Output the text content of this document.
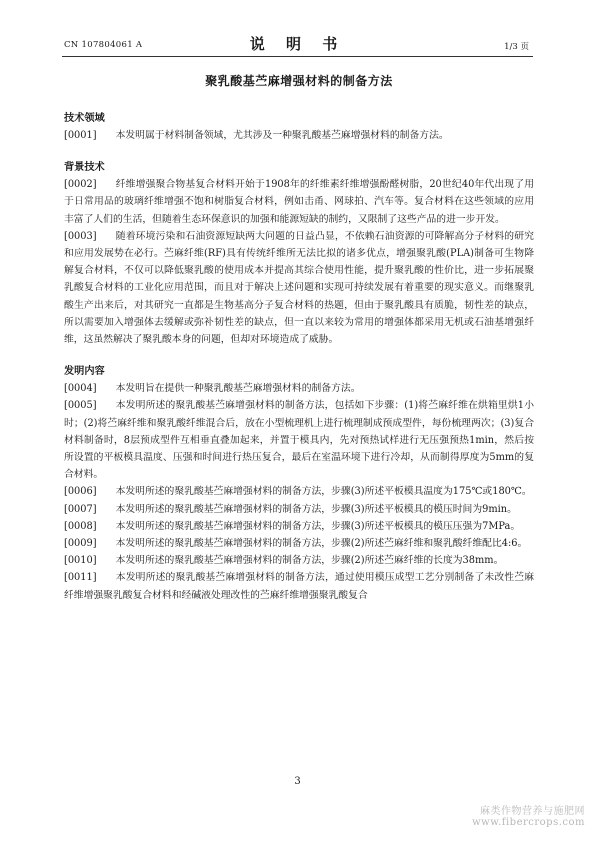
CN 107804061 A	说 明 书	1/3 页
聚乳酸基苎麻增强材料的制备方法
技术领域

[0001] 本发明属于材料制备领域，尤其涉及一种聚乳酸基苎麻增强材料的制备方法。

背景技术

[0002] 纤维增强聚合物基复合材料开始于1908年的纤维素纤维增强酚醛树脂，20世纪40年代出现了用于日常用品的玻璃纤维增强不饱和树脂复合材料，例如击甬、网球拍、汽车等。复合材料在这些领域的应用丰富了人们的生活，但随着生态环保意识的加强和能源短缺的制约，又限制了这些产品的进一步开发。

[0003] 随着环境污染和石油资源短缺两大问题的日益凸显，不依赖石油资源的可降解高分子材料的研究和应用发展势在必行。苎麻纤维(RF)具有传统纤维所无法比拟的诸多优点，增强聚乳酸(PLA)制备可生物降解复合材料，不仅可以降低聚乳酸的使用成本并提高其综合使用性能，提升聚乳酸的性价比，进一步拓展聚乳酸复合材料的工业化应用范围，而且对于解决上述问题和实现可持续发展有着重要的现实意义。而继聚乳酸生产出来后，对其研究一直都是生物基高分子复合材料的热题，但由于聚乳酸具有质脆，韧性差的缺点，所以需要加入增强体去缓解或弥补韧性差的缺点，但一直以来较为常用的增强体都采用无机或石油基增强纤维，这虽然解决了聚乳酸本身的问题，但却对环境造成了威胁。

发明内容

[0004] 本发明旨在提供一种聚乳酸基苎麻增强材料的制备方法。

[0005] 本发明所述的聚乳酸基苎麻增强材料的制备方法，包括如下步骤：(1)将苎麻纤维在烘箱里烘1小时；(2)将苎麻纤维和聚乳酸纤维混合后，放在小型梳理机上进行梳理制成预成型件，每份梳理两次；(3)复合材料制备时，8层预成型件互相垂直叠加起来，并置于模具内，先对预热试样进行无压强预热1min，然后按所设置的平板模具温度、压强和时间进行热压复合，最后在室温环境下进行冷却，从而制得厚度为5mm的复合材料。

[0006] 本发明所述的聚乳酸基苎麻增强材料的制备方法，步骤(3)所述平板模具温度为175℃或180℃。

[0007] 本发明所述的聚乳酸基苎麻增强材料的制备方法，步骤(3)所述平板模具的模压时间为9min。

[0008] 本发明所述的聚乳酸基苎麻增强材料的制备方法，步骤(3)所述平板模具的模压压强为7MPa。

[0009] 本发明所述的聚乳酸基苎麻增强材料的制备方法，步骤(2)所述苎麻纤维和聚乳酸纤维配比4:6。

[0010] 本发明所述的聚乳酸基苎麻增强材料的制备方法，步骤(2)所述苎麻纤维的长度为38mm。

[0011] 本发明所述的聚乳酸基苎麻增强材料的制备方法，通过使用模压成型工艺分别制备了未改性苎麻纤维增强聚乳酸复合材料和经碱液处理改性的苎麻纤维增强聚乳酸复合

3
麻类作物营养与施肥网
www.fibercrops.com
